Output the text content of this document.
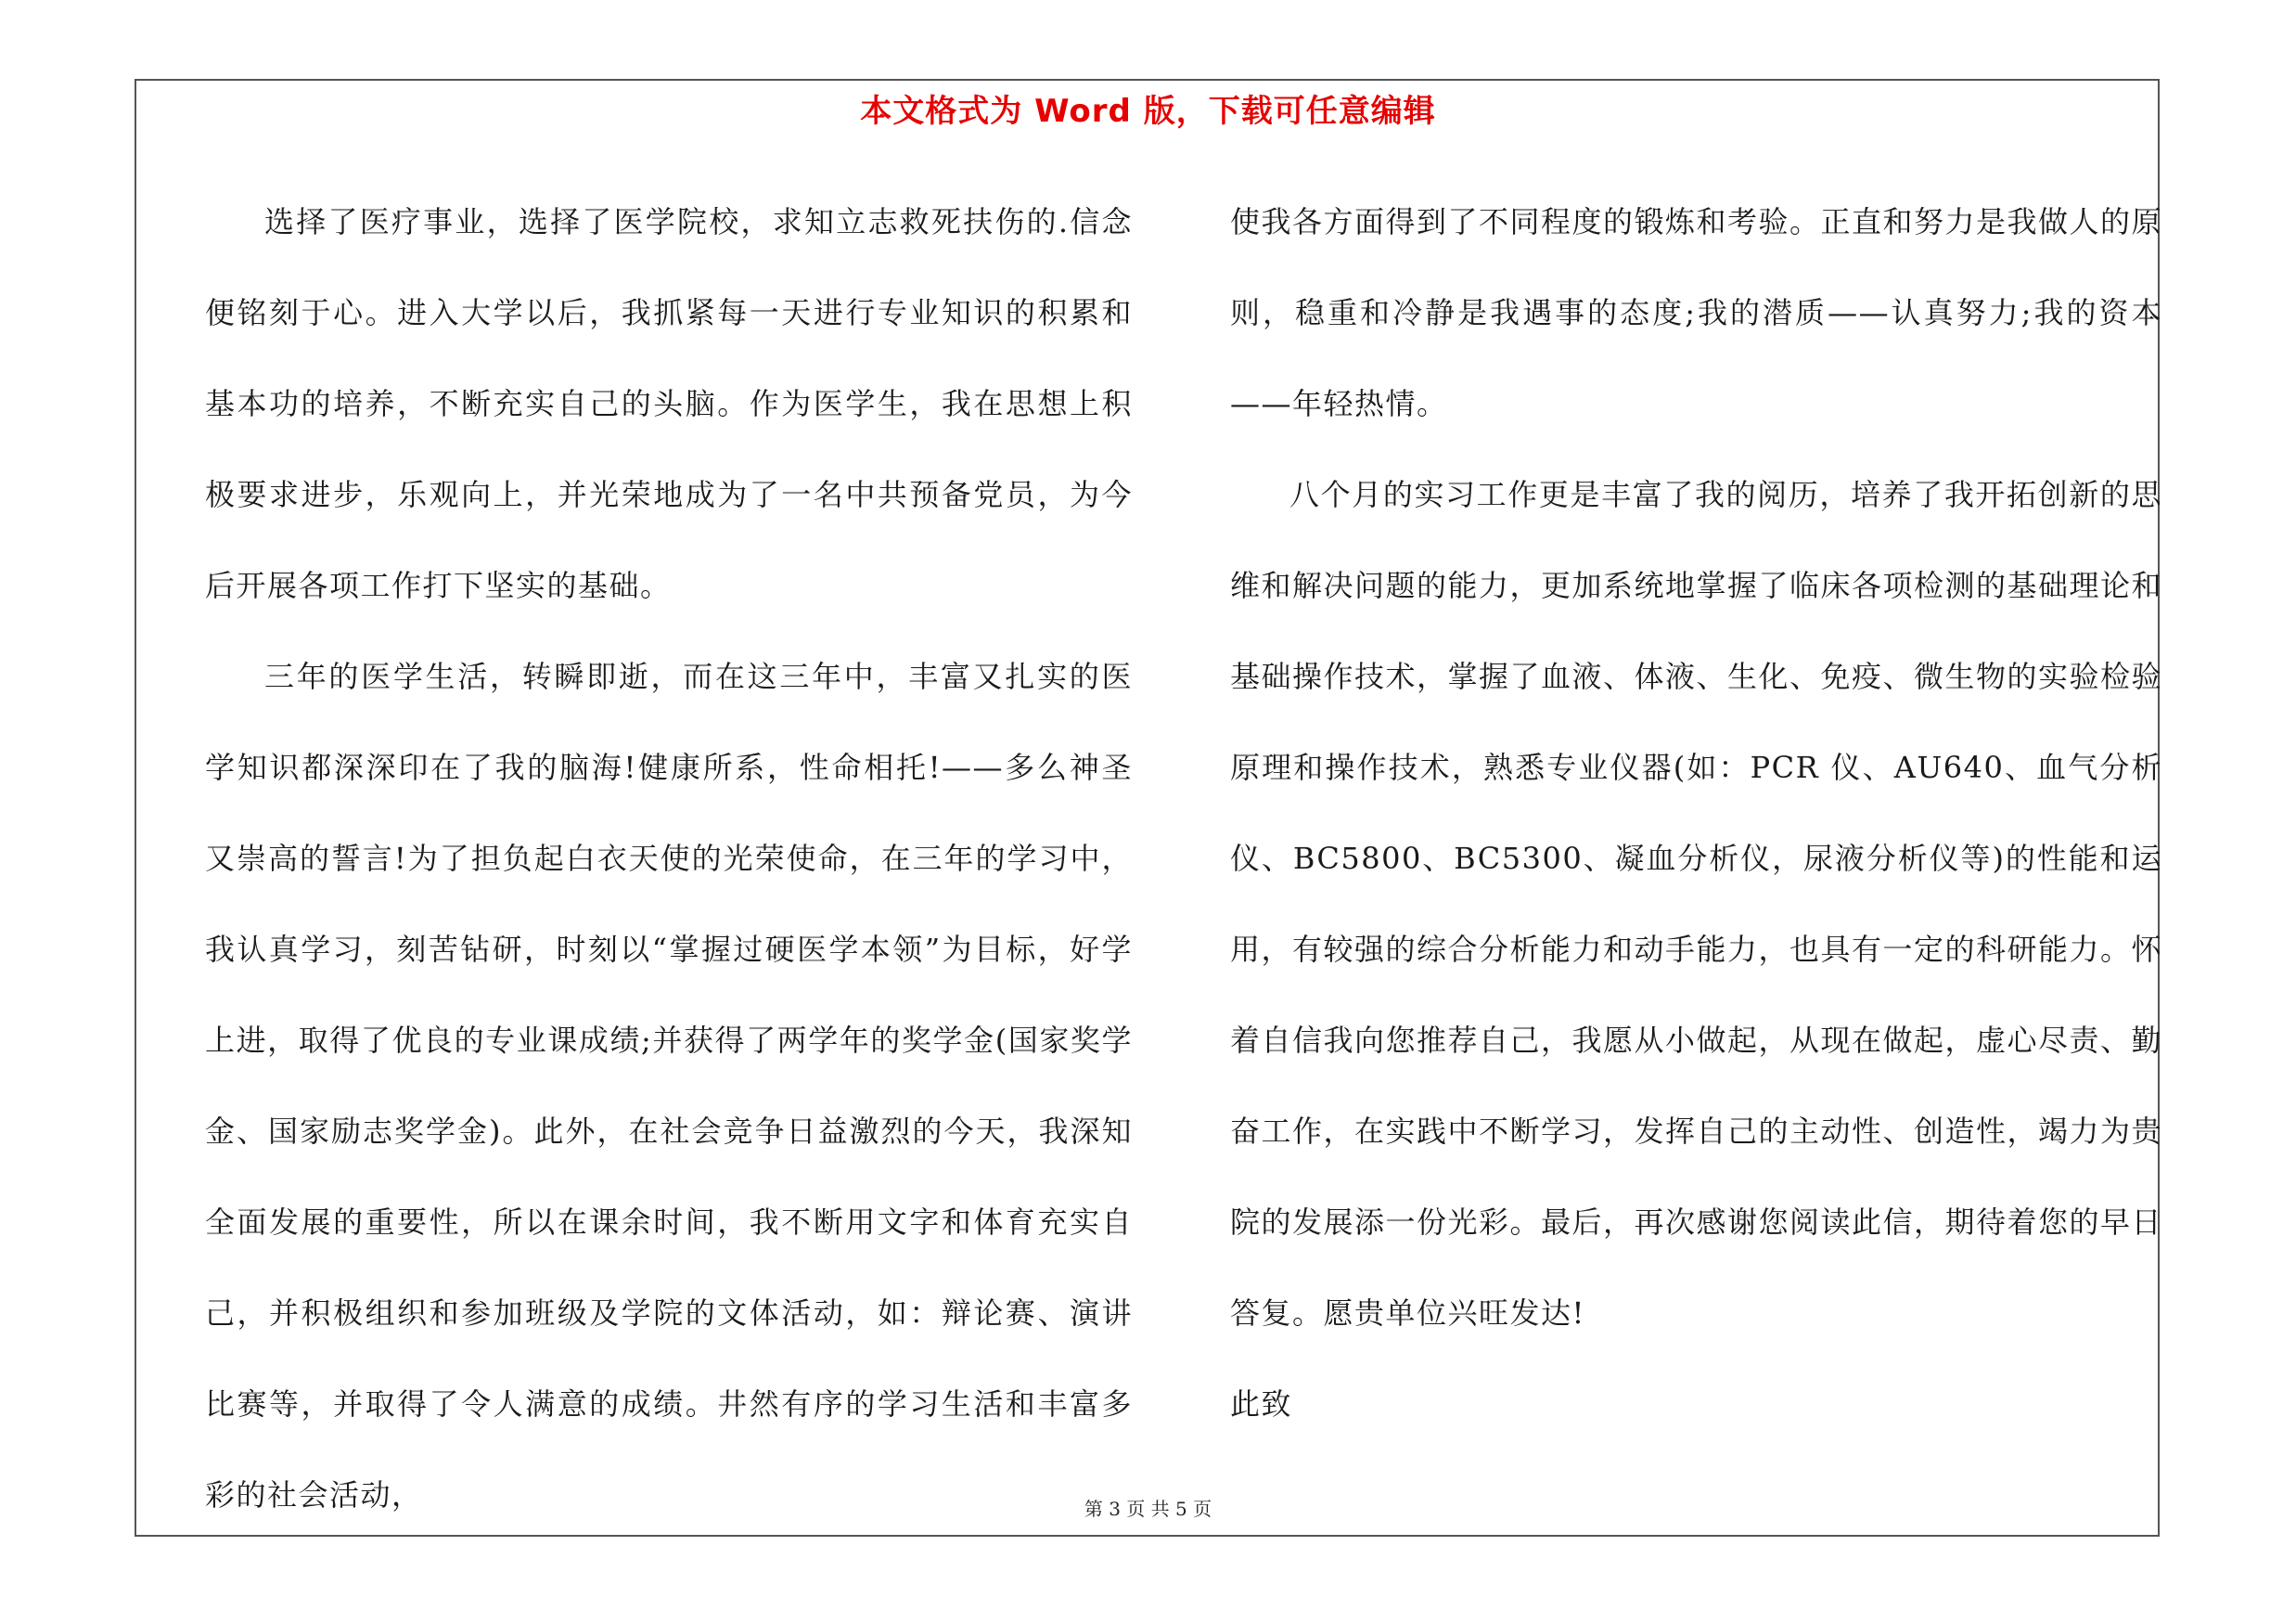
本文格式为 Word 版，下载可任意编辑

选择了医疗事业，选择了医学院校，求知立志救死扶伤的.信念便铭刻于心。进入大学以后，我抓紧每一天进行专业知识的积累和基本功的培养，不断充实自己的头脑。作为医学生，我在思想上积极要求进步，乐观向上，并光荣地成为了一名中共预备党员，为今后开展各项工作打下坚实的基础。

三年的医学生活，转瞬即逝，而在这三年中，丰富又扎实的医学知识都深深印在了我的脑海!健康所系，性命相托!——多么神圣又崇高的誓言!为了担负起白衣天使的光荣使命，在三年的学习中，我认真学习，刻苦钻研，时刻以“掌握过硬医学本领”为目标，好学上进，取得了优良的专业课成绩;并获得了两学年的奖学金(国家奖学金、国家励志奖学金)。此外，在社会竞争日益激烈的今天，我深知全面发展的重要性，所以在课余时间，我不断用文字和体育充实自己，并积极组织和参加班级及学院的文体活动，如：辩论赛、演讲比赛等，并取得了令人满意的成绩。井然有序的学习生活和丰富多彩的社会活动，

使我各方面得到了不同程度的锻炼和考验。正直和努力是我做人的原则，稳重和冷静是我遇事的态度;我的潜质——认真努力;我的资本——年轻热情。

八个月的实习工作更是丰富了我的阅历，培养了我开拓创新的思维和解决问题的能力，更加系统地掌握了临床各项检测的基础理论和基础操作技术，掌握了血液、体液、生化、免疫、微生物的实验检验原理和操作技术，熟悉专业仪器(如：PCR 仪、AU640、血气分析仪、BC5800、BC5300、凝血分析仪，尿液分析仪等)的性能和运用，有较强的综合分析能力和动手能力，也具有一定的科研能力。怀着自信我向您推荐自己，我愿从小做起，从现在做起，虚心尽责、勤奋工作，在实践中不断学习，发挥自己的主动性、创造性，竭力为贵院的发展添一份光彩。最后，再次感谢您阅读此信，期待着您的早日答复。愿贵单位兴旺发达!

此致

第 3 页 共 5 页
